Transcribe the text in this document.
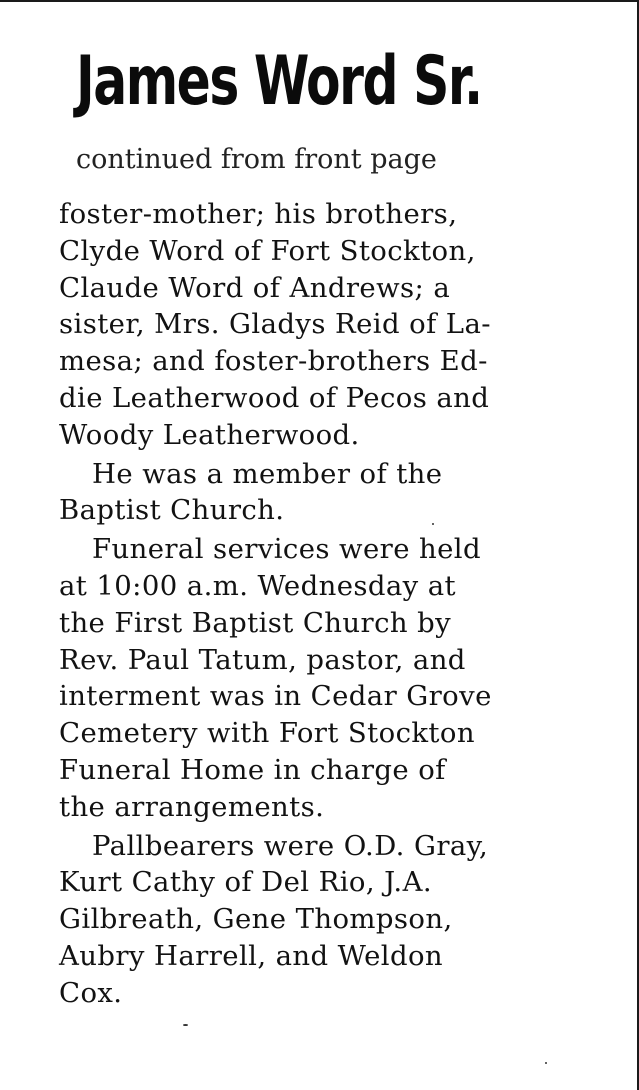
James Word Sr.

continued from front page

foster-mother; his brothers,
Clyde Word of Fort Stockton,
Claude Word of Andrews; a
sister, Mrs. Gladys Reid of La-
mesa; and foster-brothers Ed-
die Leatherwood of Pecos and
Woody Leatherwood.
He was a member of the
Baptist Church.
Funeral services were held
at 10:00 a.m. Wednesday at
the First Baptist Church by
Rev. Paul Tatum, pastor, and
interment was in Cedar Grove
Cemetery with Fort Stockton
Funeral Home in charge of
the arrangements.
Pallbearers were O.D. Gray,
Kurt Cathy of Del Rio, J.A.
Gilbreath, Gene Thompson,
Aubry Harrell, and Weldon
Cox.
